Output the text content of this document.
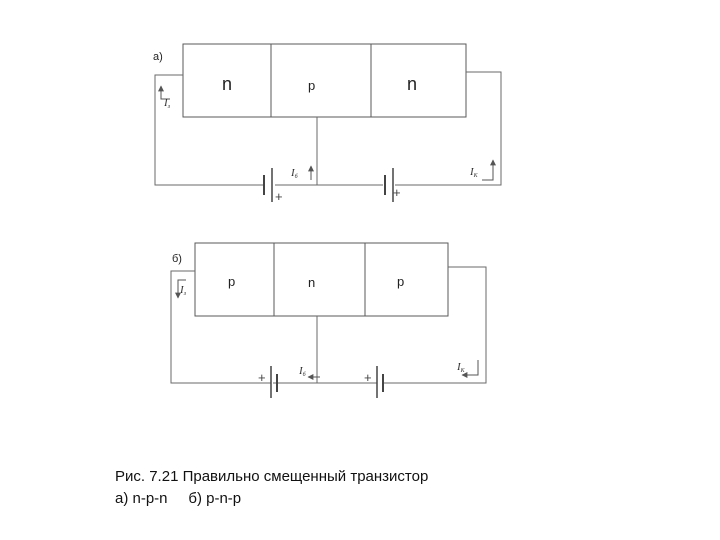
а)
n	p	n
+	+
Iз
Iб	IК
б)
p	n	p
+	+
Iз
Iб
IК
Рис. 7.21 Правильно смещенный транзистор
а) n-p-n     б) p-n-p
